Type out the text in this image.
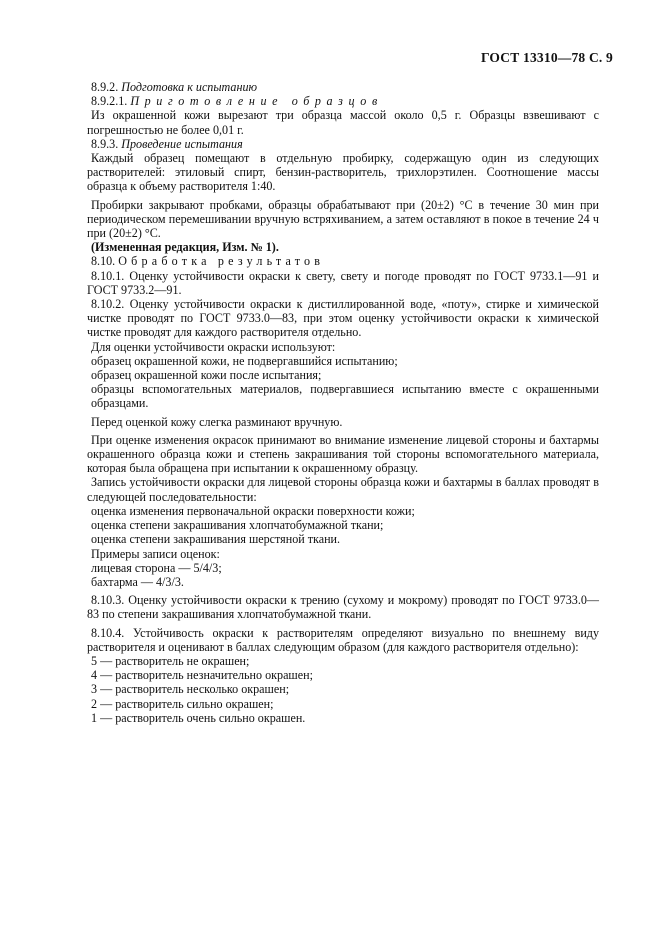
ГОСТ 13310—78 С. 9

8.9.2. Подготовка к испытанию

8.9.2.1. Приготовление образцов

Из окрашенной кожи вырезают три образца массой около 0,5 г. Образцы взвешивают с погрешностью не более 0,01 г.

8.9.3. Проведение испытания

Каждый образец помещают в отдельную пробирку, содержащую один из следующих растворителей: этиловый спирт, бензин-растворитель, трихлорэтилен. Соотношение массы образца к объему растворителя 1:40.

Пробирки закрывают пробками, образцы обрабатывают при (20±2) °С в течение 30 мин при периодическом перемешивании вручную встряхиванием, а затем оставляют в покое в течение 24 ч при (20±2) °С.

(Измененная редакция, Изм. № 1).

8.10. Обработка результатов

8.10.1. Оценку устойчивости окраски к свету, свету и погоде проводят по ГОСТ 9733.1—91 и ГОСТ 9733.2—91.

8.10.2. Оценку устойчивости окраски к дистиллированной воде, «поту», стирке и химической чистке проводят по ГОСТ 9733.0—83, при этом оценку устойчивости окраски к химической чистке проводят для каждого растворителя отдельно.

Для оценки устойчивости окраски используют:

образец окрашенной кожи, не подвергавшийся испытанию;

образец окрашенной кожи после испытания;

образцы вспомогательных материалов, подвергавшиеся испытанию вместе с окрашенными образцами.

Перед оценкой кожу слегка разминают вручную.

При оценке изменения окрасок принимают во внимание изменение лицевой стороны и бахтармы окрашенного образца кожи и степень закрашивания той стороны вспомогательного материала, которая была обращена при испытании к окрашенному образцу.

Запись устойчивости окраски для лицевой стороны образца кожи и бахтармы в баллах проводят в следующей последовательности:

оценка изменения первоначальной окраски поверхности кожи;

оценка степени закрашивания хлопчатобумажной ткани;

оценка степени закрашивания шерстяной ткани.

Примеры записи оценок:

лицевая сторона — 5/4/3;

бахтарма — 4/3/3.

8.10.3. Оценку устойчивости окраски к трению (сухому и мокрому) проводят по ГОСТ 9733.0—83 по степени закрашивания хлопчатобумажной ткани.

8.10.4. Устойчивость окраски к растворителям определяют визуально по внешнему виду растворителя и оценивают в баллах следующим образом (для каждого растворителя отдельно):

5 — растворитель не окрашен;

4 — растворитель незначительно окрашен;

3 — растворитель несколько окрашен;

2 — растворитель сильно окрашен;

1 — растворитель очень сильно окрашен.
